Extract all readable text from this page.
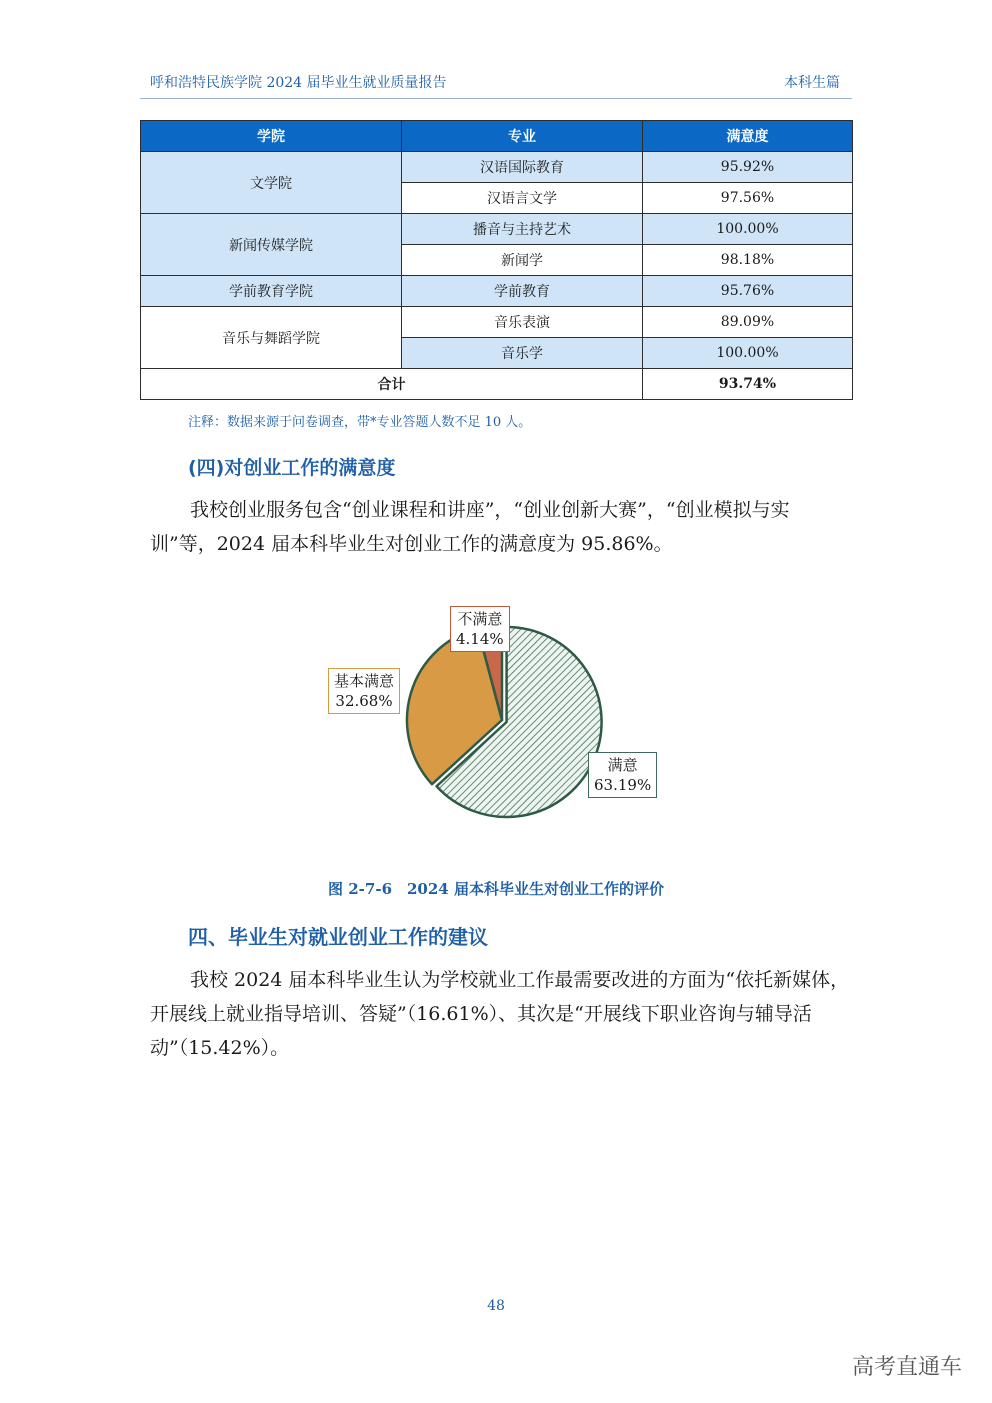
呼和浩特民族学院 2024 届毕业生就业质量报告	本科生篇
学院	专业	满意度
文学院	汉语国际教育	95.92%
	汉语言文学	97.56%
新闻传媒学院	播音与主持艺术	100.00%
	新闻学	98.18%
学前教育学院	学前教育	95.76%
音乐与舞蹈学院	音乐表演	89.09%
	音乐学	100.00%
合计		93.74%
注释：数据来源于问卷调查，带*专业答题人数不足 10 人。
(四)对创业工作的满意度

我校创业服务包含“创业课程和讲座”，“创业创新大赛”，“创业模拟与实训”等，2024 届本科毕业生对创业工作的满意度为 95.86%。

不满意
4.14%
基本满意
32.68%
满意
63.19%
图 2-7-6　2024 届本科毕业生对创业工作的评价
四、毕业生对就业创业工作的建议

我校 2024 届本科毕业生认为学校就业工作最需要改进的方面为“依托新媒体，开展线上就业指导培训、答疑”（16.61%）、其次是“开展线下职业咨询与辅导活动”（15.42%）。

48
高考直通车
